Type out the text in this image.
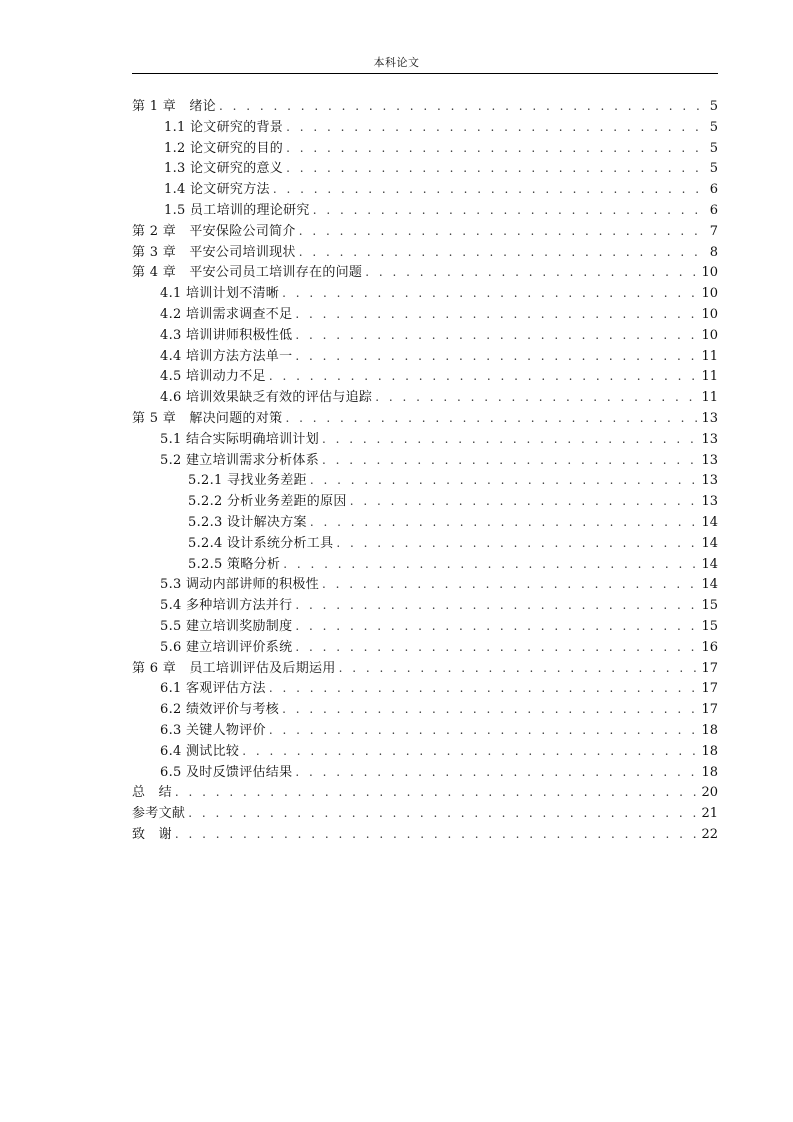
本科论文
第 1 章　绪论 . . .	5
1.1 论文研究的背景 . . .	5
1.2 论文研究的目的 . . .	5
1.3 论文研究的意义 . . .	5
1.4 论文研究方法 . . .	6
1.5 员工培训的理论研究 . . .	6
第 2 章　平安保险公司简介 . . .	7
第 3 章　平安公司培训现状 . . .	8
第 4 章　平安公司员工培训存在的问题 . . .	10
4.1 培训计划不清晰 . . .	10
4.2 培训需求调查不足 . . .	10
4.3 培训讲师积极性低 . . .	10
4.4 培训方法方法单一 . . .	11
4.5 培训动力不足 . . .	11
4.6 培训效果缺乏有效的评估与追踪 . . .	11
第 5 章　解决问题的对策 . . .	13
5.1 结合实际明确培训计划 . . .	13
5.2 建立培训需求分析体系 . . .	13
5.2.1 寻找业务差距 . . .	13
5.2.2 分析业务差距的原因 . . .	13
5.2.3 设计解决方案 . . .	14
5.2.4 设计系统分析工具 . . .	14
5.2.5 策略分析 . . .	14
5.3 调动内部讲师的积极性 . . .	14
5.4 多种培训方法并行 . . .	15
5.5 建立培训奖励制度 . . .	15
5.6 建立培训评价系统 . . .	16
第 6 章　员工培训评估及后期运用 . . .	17
6.1 客观评估方法 . . .	17
6.2 绩效评价与考核 . . .	17
6.3 关键人物评价 . . .	18
6.4 测试比较 . . .	18
6.5 及时反馈评估结果 . . .	18
总　结 . . .	20
参考文献 . . .	21
致　谢 . . .	22
